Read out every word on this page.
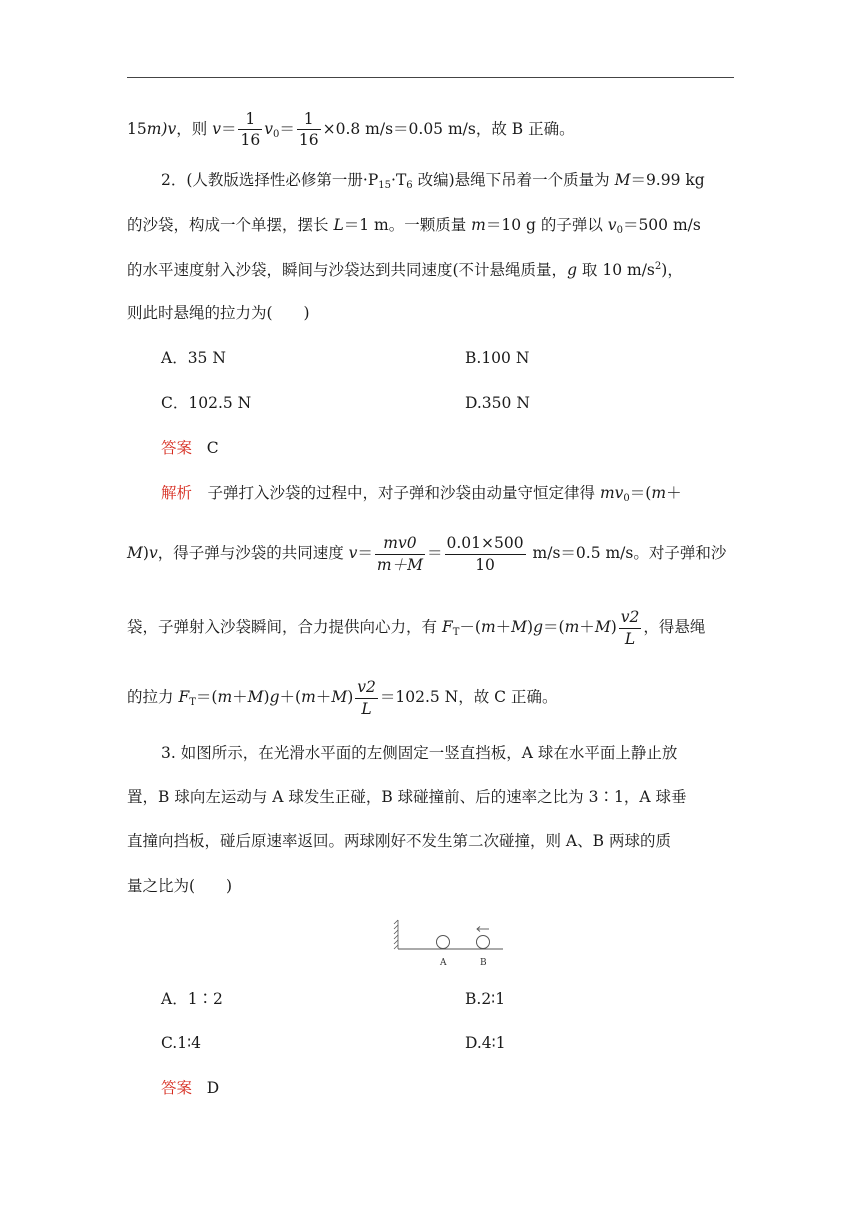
15m)v，则 $v= \frac{1}{16} v_0= \frac{1}{16} \times 0.8$ m/s＝0.05 m/s，故 B 正确。
2．(人教版选择性必修第一册$\cdot P_{15}\cdot T_6$ 改编)悬绳下吊着一个质量为 M＝9.99 kg
的沙袋，构成一个单摆，摆长 L＝1 m。一颗质量 m＝10 g 的子弹以 $v_0=500$ m/s
的水平速度射入沙袋，瞬间与沙袋达到共同速度(不计悬绳质量，g 取 10 $m/s^2$)，
则此时悬绳的拉力为(　　)
A．35 N	B.100 N
C．102.5 N	D.350 N
答案 C
解析　子弹打入沙袋的过程中，对子弹和沙袋由动量守恒定律得 $mv_0=(m+$
M)v，得子弹与沙袋的共同速度 $v= \frac{mv0}{m+M} = \frac{0.01\times 500}{10} m/s=0.5$ m/s。对子弹和沙
袋，子弹射入沙袋瞬间，合力提供向心力，有 $F_T-(m+M)g=(m+M) \frac{v2}{L}$ ，得悬绳
的拉力 $F_T=(m+M)g+(m+M) \frac{v2}{L} =102.5$ N，故 C 正确。
3. 如图所示，在光滑水平面的左侧固定一竖直挡板，A 球在水平面上静止放
置，B 球向左运动与 A 球发生正碰，B 球碰撞前、后的速率之比为 3∶1，A 球垂
直撞向挡板，碰后原速率返回。两球刚好不发生第二次碰撞，则 A、B 两球的质
量之比为(　　)
A	B
A．1∶2	B.2∶1
C.1∶4	D.4∶1
答案 D
